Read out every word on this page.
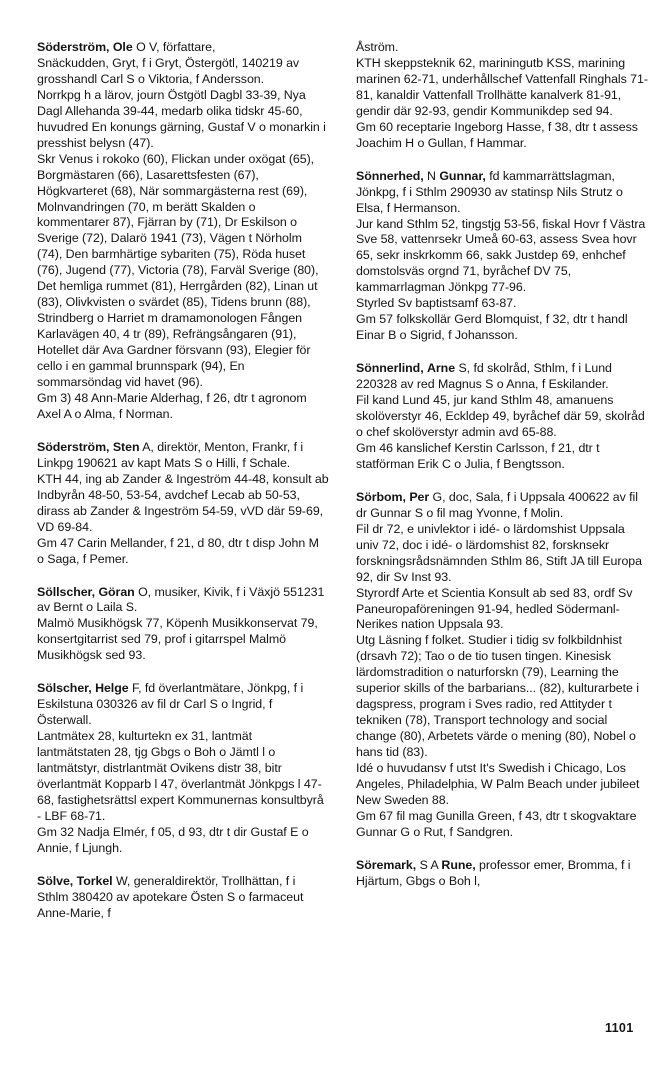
Söderström, Ole O V, författare,

Snäckudden, Gryt, f i Gryt, Östergötl, 140219 av grosshandl Carl S o Viktoria, f Andersson.

Norrkpg h a lärov, journ Östgötl Dagbl 33-39, Nya Dagl Allehanda 39-44, medarb olika tidskr 45-60, huvudred En konungs gärning, Gustaf V o monarkin i presshist belysn (47).

Skr Venus i rokoko (60), Flickan under oxögat (65), Borgmästaren (66), Lasarettsfesten (67), Högkvarteret (68), När sommargästerna rest (69), Molnvandringen (70, m berätt Skalden o kommentarer 87), Fjärran by (71), Dr Eskilson o Sverige (72), Dalarö 1941 (73), Vägen t Nörholm (74), Den barmhärtige sybariten (75), Röda huset (76), Jugend (77), Victoria (78), Farväl Sverige (80), Det hemliga rummet (81), Herrgården (82), Linan ut (83), Olivkvisten o svärdet (85), Tidens brunn (88), Strindberg o Harriet m dramamonologen Fången Karlavägen 40, 4 tr (89), Refrängsångaren (91), Hotellet där Ava Gardner försvann (93), Elegier för cello i en gammal brunnspark (94), En sommarsöndag vid havet (96).

Gm 3) 48 Ann-Marie Alderhag, f 26, dtr t agronom Axel A o Alma, f Norman.

Söderström, Sten A, direktör, Menton, Frankr, f i Linkpg 190621 av kapt Mats S o Hilli, f Schale.

KTH 44, ing ab Zander & Ingeström 44-48, konsult ab Indbyrån 48-50, 53-54, avdchef Lecab ab 50-53, dirass ab Zander & Ingeström 54-59, vVD där 59-69, VD 69-84.

Gm 47 Carin Mellander, f 21, d 80, dtr t disp John M o Saga, f Pemer.

Söllscher, Göran O, musiker, Kivik, f i Växjö 551231 av Bernt o Laila S.

Malmö Musikhögsk 77, Köpenh Musikkonservat 79, konsertgitarrist sed 79, prof i gitarrspel Malmö Musikhögsk sed 93.

Sölscher, Helge F, fd överlantmätare, Jönkpg, f i Eskilstuna 030326 av fil dr Carl S o Ingrid, f Österwall.

Lantmätex 28, kulturtekn ex 31, lantmät lantmätstaten 28, tjg Gbgs o Boh o Jämtl l o lantmätstyr, distrlantmät Ovikens distr 38, bitr överlantmät Kopparb l 47, överlantmät Jönkpgs l 47-68, fastighetsrättsl expert Kommunernas konsultbyrå - LBF 68-71.

Gm 32 Nadja Elmér, f 05, d 93, dtr t dir Gustaf E o Annie, f Ljungh.

Sölve, Torkel W, generaldirektör, Trollhättan, f i Sthlm 380420 av apotekare Östen S o farmaceut Anne-Marie, f

Åström.

KTH skeppsteknik 62, mariningutb KSS, marining marinen 62-71, underhållschef Vattenfall Ringhals 71-81, kanaldir Vattenfall Trollhätte kanalverk 81-91, gendir där 92-93, gendir Kommunikdep sed 94.

Gm 60 receptarie Ingeborg Hasse, f 38, dtr t assess Joachim H o Gullan, f Hammar.

Sönnerhed, N Gunnar, fd kammarrättslagman, Jönkpg, f i Sthlm 290930 av statinsp Nils Strutz o Elsa, f Hermanson.

Jur kand Sthlm 52, tingstjg 53-56, fiskal Hovr f Västra Sve 58, vattenrsekr Umeå 60-63, assess Svea hovr 65, sekr inskrkomm 66, sakk Justdep 69, enhchef domstolsväs orgnd 71, byråchef DV 75, kammarrlagman Jönkpg 77-96.

Styrled Sv baptistsamf 63-87.

Gm 57 folkskollär Gerd Blomquist, f 32, dtr t handl Einar B o Sigrid, f Johansson.

Sönnerlind, Arne S, fd skolråd, Sthlm, f i Lund 220328 av red Magnus S o Anna, f Eskilander.

Fil kand Lund 45, jur kand Sthlm 48, amanuens skolöverstyr 46, Eckldep 49, byråchef där 59, skolråd o chef skolöverstyr admin avd 65-88.

Gm 46 kanslichef Kerstin Carlsson, f 21, dtr t statförman Erik C o Julia, f Bengtsson.

Sörbom, Per G, doc, Sala, f i Uppsala 400622 av fil dr Gunnar S o fil mag Yvonne, f Molin.

Fil dr 72, e univlektor i idé- o lärdomshist Uppsala univ 72, doc i idé- o lärdomshist 82, forsknsekr forskningsrådsnämnden Sthlm 86, Stift JA till Europa 92, dir Sv Inst 93.

Styrordf Arte et Scientia Konsult ab sed 83, ordf Sv Paneuropaföreningen 91-94, hedled Södermanl-Nerikes nation Uppsala 93.

Utg Läsning f folket. Studier i tidig sv folkbildnhist (drsavh 72); Tao o de tio tusen tingen. Kinesisk lärdomstradition o naturforskn (79), Learning the superior skills of the barbarians... (82), kulturarbete i dagspress, program i Sves radio, red Attityder t tekniken (78), Transport technology and social change (80), Arbetets värde o mening (80), Nobel o hans tid (83).

Idé o huvudansv f utst It's Swedish i Chicago, Los Angeles, Philadelphia, W Palm Beach under jubileet New Sweden 88.

Gm 67 fil mag Gunilla Green, f 43, dtr t skogvaktare Gunnar G o Rut, f Sandgren.

Söremark, S A Rune, professor emer, Bromma, f i Hjärtum, Gbgs o Boh l,

1101
